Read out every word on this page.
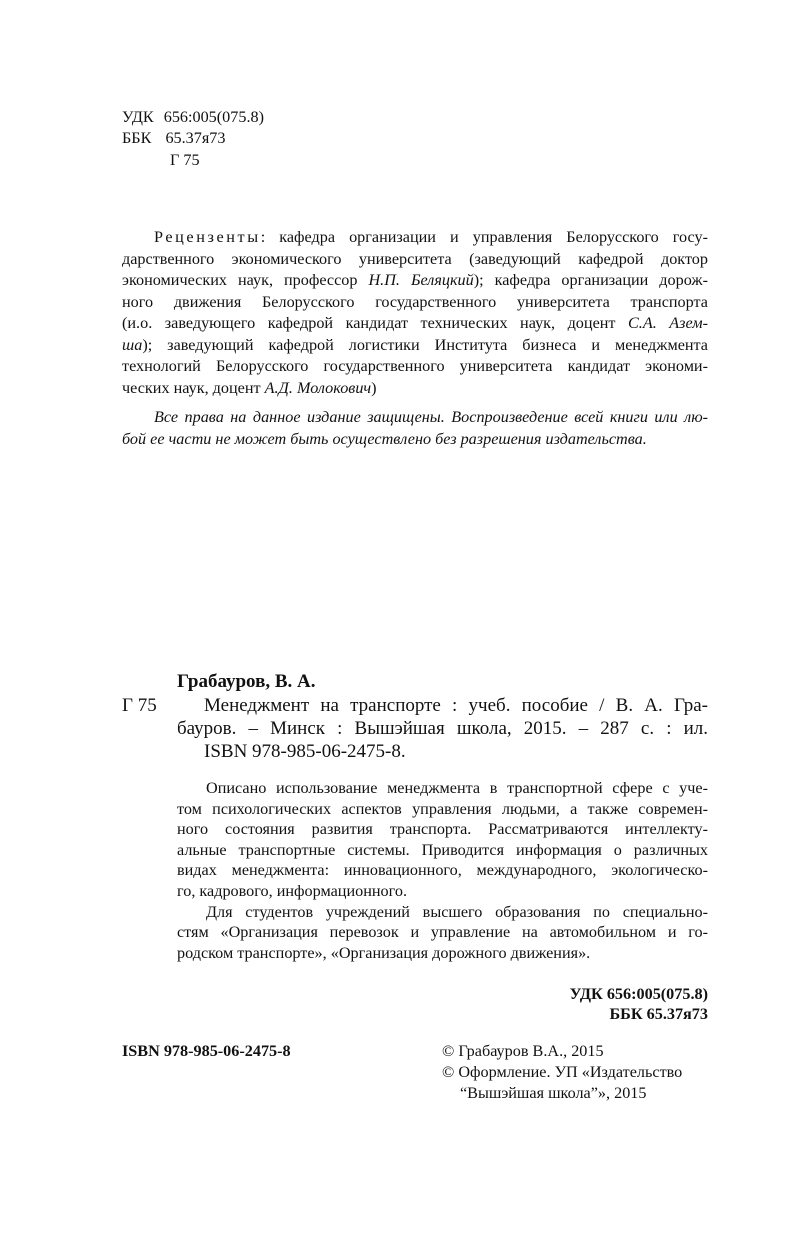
УДК 656:005(075.8)
ББК 65.37я73
Г 75
Рецензенты: кафедра организации и управления Белорусского госу-
дарственного экономического университета (заведующий кафедрой доктор
экономических наук, профессор Н.П. Беляцкий); кафедра организации дорож-
ного движения Белорусского государственного университета транспорта
(и.о. заведующего кафедрой кандидат технических наук, доцент С.А. Азем-
ша); заведующий кафедрой логистики Института бизнеса и менеджмента
технологий Белорусского государственного университета кандидат экономи-
ческих наук, доцент А.Д. Молокович)
Все права на данное издание защищены. Воспроизведение всей книги или лю-
бой ее части не может быть осуществлено без разрешения издательства.
Грабауров, В. А.
Г 75 Менеджмент на транспорте : учеб. пособие / В. А. Гра-
бауров. – Минск : Вышэйшая школа, 2015. – 287 с. : ил.
ISBN 978-985-06-2475-8.
Описано использование менеджмента в транспортной сфере с уче-
том психологических аспектов управления людьми, а также современ-
ного состояния развития транспорта. Рассматриваются интеллекту-
альные транспортные системы. Приводится информация о различных
видах менеджмента: инновационного, международного, экологическо-
го, кадрового, информационного.
Для студентов учреждений высшего образования по специально-
стям «Организация перевозок и управление на автомобильном и го-
родском транспорте», «Организация дорожного движения».
УДК 656:005(075.8)
ББК 65.37я73
ISBN 978-985-06-2475-8	© Грабауров В.А., 2015
© Оформление. УП «Издательство
“Вышэйшая школа”», 2015
